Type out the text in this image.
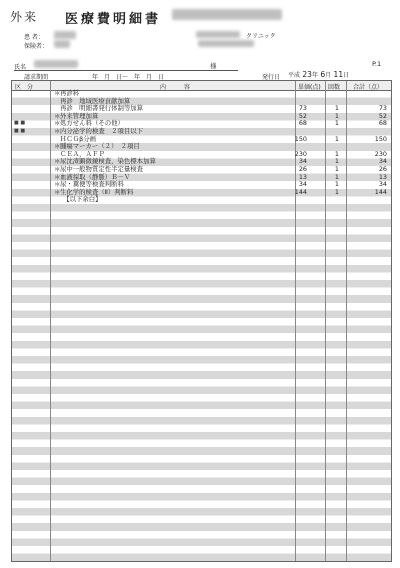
外来 医療費明細書
患 者：
保険者：
クリニック
氏名	様	P.1
請求期間	年　月　日～　年　月　日	発行日 平成 23年 6月 11日
区　分	内　　　容	単価(点) 回数 合計（点）
＊ 再診料
再診　地域医療貢献加算
再診　明細書発行体制等加算	73	1	73
＊ 外来管理加算	52	1	52
■ ■	＊ 処方せん料（その他）	68	1	68
■ ■	＊ 内分泌学的検査　２項目以下
ＨＣＧβ分画	150	1	150
＊ 腫瘍マーカー（２）　２項目
ＣＥＡ，ＡＦＰ	230	1	230
＊ 尿沈渣顕微鏡検査，染色標本加算	34	1	34
＊ 尿中一般物質定性半定量検査	26	1	26
＊ 血液採取（静脈）Ｂ－Ｖ	13	1	13
＊ 尿・糞便等検査判断料	34	1	34
＊ 生化学的検査（Ⅱ）判断料	144	1	144
　【以下余白】
